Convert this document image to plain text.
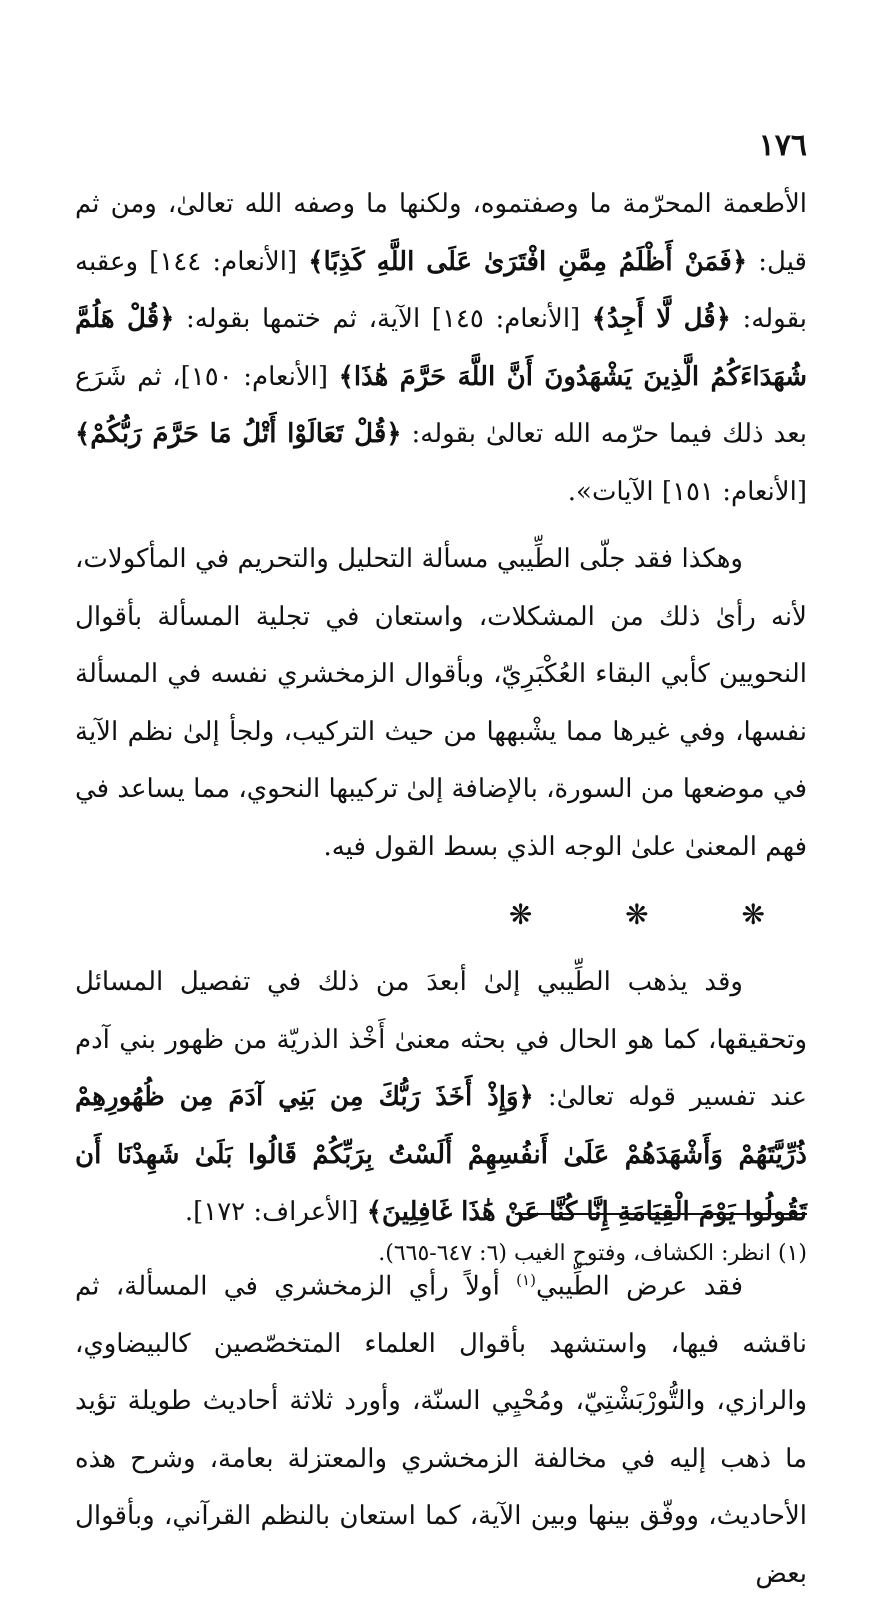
١٧٦

الأطعمة المحرّمة ما وصفتموه، ولكنها ما وصفه الله تعالىٰ، ومن ثم قيل: ﴿فَمَنْ أَظْلَمُ مِمَّنِ افْتَرَىٰ عَلَى اللَّهِ كَذِبًا﴾ [الأنعام: ١٤٤] وعقبه بقوله: ﴿قُل لَّا أَجِدُ﴾ [الأنعام: ١٤٥] الآية، ثم ختمها بقوله: ﴿قُلْ هَلُمَّ شُهَدَاءَكُمُ الَّذِينَ يَشْهَدُونَ أَنَّ اللَّهَ حَرَّمَ هَٰذَا﴾ [الأنعام: ١٥٠]، ثم شَرَع بعد ذلك فيما حرّمه الله تعالىٰ بقوله: ﴿قُلْ تَعَالَوْا أَتْلُ مَا حَرَّمَ رَبُّكُمْ﴾ [الأنعام: ١٥١] الآيات».

وهكذا فقد جلّى الطِّيبي مسألة التحليل والتحريم في المأكولات، لأنه رأىٰ ذلك من المشكلات، واستعان في تجلية المسألة بأقوال النحويين كأبي البقاء العُكْبَرِيّ، وبأقوال الزمخشري نفسه في المسألة نفسها، وفي غيرها مما يشْبهها من حيث التركيب، ولجأ إلىٰ نظم الآية في موضعها من السورة، بالإضافة إلىٰ تركيبها النحوي، مما يساعد في فهم المعنىٰ علىٰ الوجه الذي بسط القول فيه.

❋ ❋ ❋

وقد يذهب الطِّيبي إلىٰ أبعدَ من ذلك في تفصيل المسائل وتحقيقها، كما هو الحال في بحثه معنىٰ أَخْذ الذريّة من ظهور بني آدم عند تفسير قوله تعالىٰ: ﴿وَإِذْ أَخَذَ رَبُّكَ مِن بَنِي آدَمَ مِن ظُهُورِهِمْ ذُرِّيَّتَهُمْ وَأَشْهَدَهُمْ عَلَىٰ أَنفُسِهِمْ أَلَسْتُ بِرَبِّكُمْ قَالُوا بَلَىٰ شَهِدْنَا أَن تَقُولُوا يَوْمَ الْقِيَامَةِ إِنَّا كُنَّا عَنْ هَٰذَا غَافِلِينَ﴾ [الأعراف: ١٧٢].

فقد عرض الطِّيبي$^{(١)}$ أولاً رأي الزمخشري في المسألة، ثم ناقشه فيها، واستشهد بأقوال العلماء المتخصّصين كالبيضاوي، والرازي، والتُّورْبَشْتِيّ، ومُحْيِي السنّة، وأورد ثلاثة أحاديث طويلة تؤيد ما ذهب إليه في مخالفة الزمخشري والمعتزلة بعامة، وشرح هذه الأحاديث، ووفّق بينها وبين الآية، كما استعان بالنظم القرآني، وبأقوال بعض

(١) انظر: الكشاف، وفتوح الغيب (٦: ٦٤٧-٦٦٥).
